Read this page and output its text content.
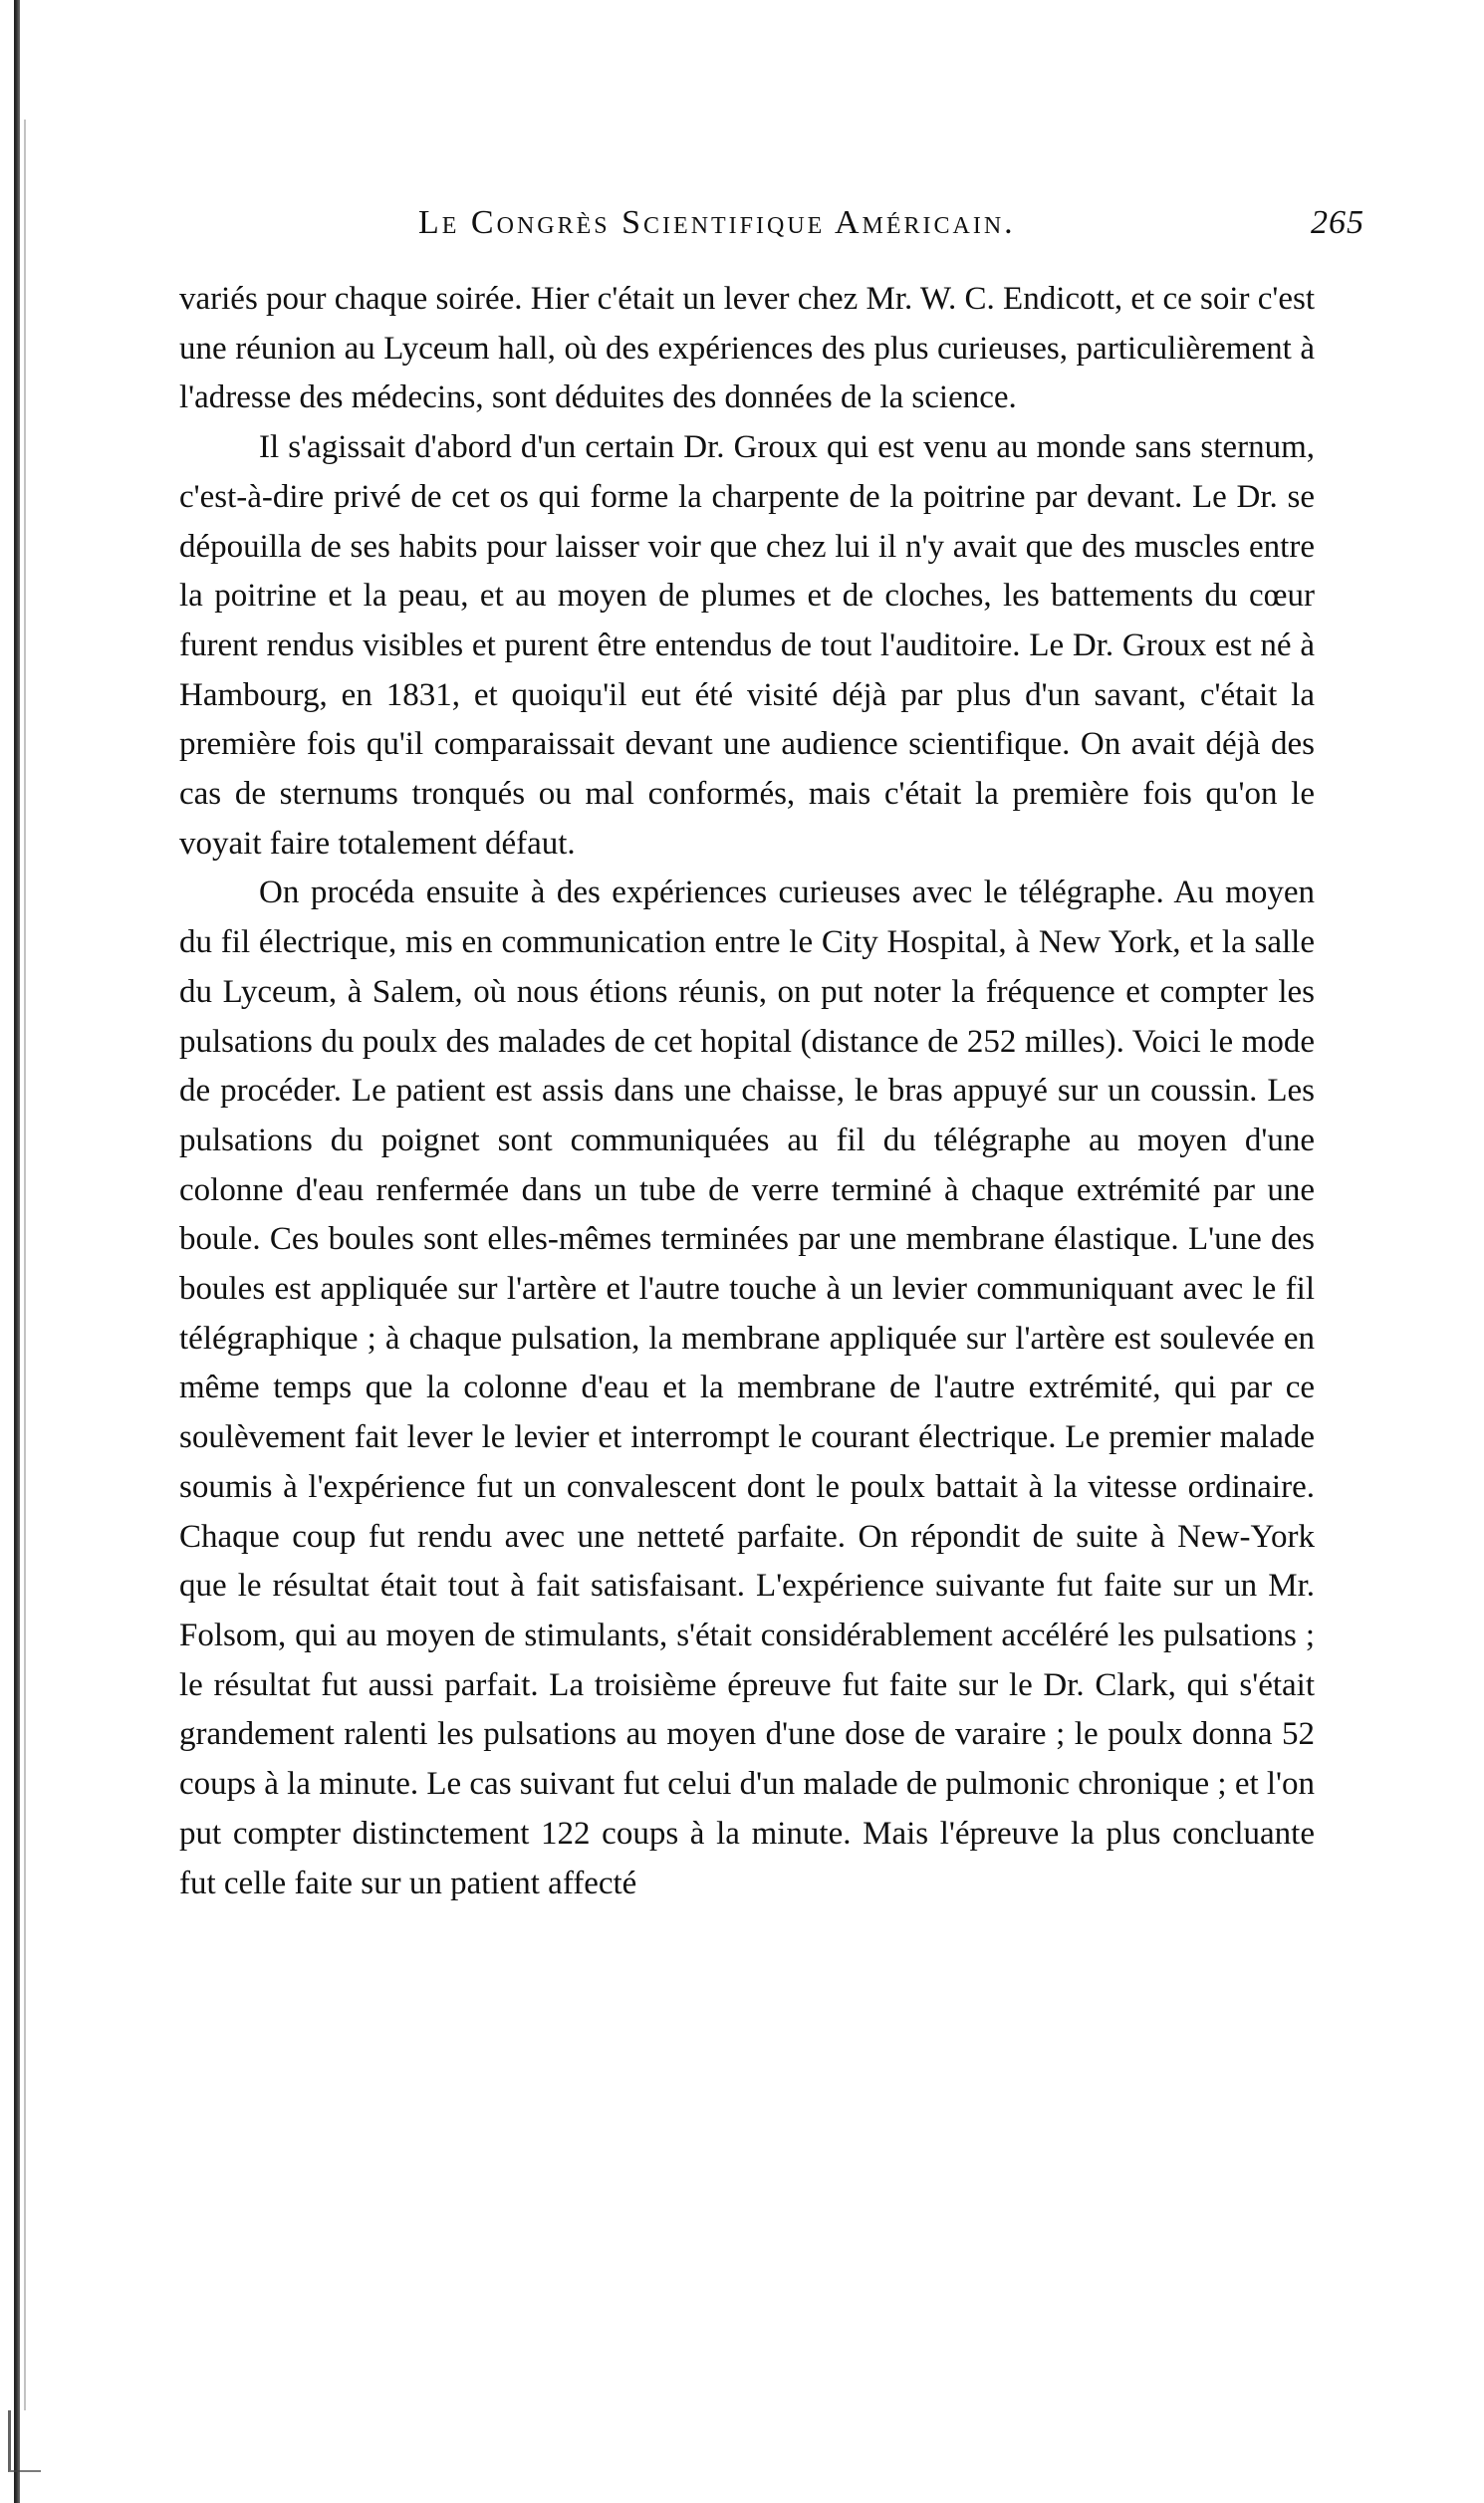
Le Congrès Scientifique Américain.	265

variés pour chaque soirée. Hier c'était un lever chez Mr. W. C. Endicott, et ce soir c'est une réunion au Lyceum hall, où des expériences des plus curieuses, particulièrement à l'adresse des médecins, sont déduites des données de la science.

Il s'agissait d'abord d'un certain Dr. Groux qui est venu au monde sans sternum, c'est-à-dire privé de cet os qui forme la charpente de la poitrine par devant. Le Dr. se dépouilla de ses habits pour laisser voir que chez lui il n'y avait que des muscles entre la poitrine et la peau, et au moyen de plumes et de cloches, les battements du cœur furent rendus visibles et purent être entendus de tout l'auditoire. Le Dr. Groux est né à Hambourg, en 1831, et quoiqu'il eut été visité déjà par plus d'un savant, c'était la première fois qu'il comparaissait devant une audience scientifique. On avait déjà des cas de sternums tronqués ou mal conformés, mais c'était la première fois qu'on le voyait faire totalement défaut.

On procéda ensuite à des expériences curieuses avec le télégraphe. Au moyen du fil électrique, mis en communication entre le City Hospital, à New York, et la salle du Lyceum, à Salem, où nous étions réunis, on put noter la fréquence et compter les pulsations du poulx des malades de cet hopital (distance de 252 milles). Voici le mode de procéder. Le patient est assis dans une chaisse, le bras appuyé sur un coussin. Les pulsations du poignet sont communiquées au fil du télégraphe au moyen d'une colonne d'eau renfermée dans un tube de verre terminé à chaque extrémité par une boule. Ces boules sont elles-mêmes terminées par une membrane élastique. L'une des boules est appliquée sur l'artère et l'autre touche à un levier communiquant avec le fil télégraphique ; à chaque pulsation, la membrane appliquée sur l'artère est soulevée en même temps que la colonne d'eau et la membrane de l'autre extrémité, qui par ce soulèvement fait lever le levier et interrompt le courant électrique. Le premier malade soumis à l'expérience fut un convalescent dont le poulx battait à la vitesse ordinaire. Chaque coup fut rendu avec une netteté parfaite. On répondit de suite à New-York que le résultat était tout à fait satisfaisant. L'expérience suivante fut faite sur un Mr. Folsom, qui au moyen de stimulants, s'était considérablement accéléré les pulsations ; le résultat fut aussi parfait. La troisième épreuve fut faite sur le Dr. Clark, qui s'était grandement ralenti les pulsations au moyen d'une dose de varaire ; le poulx donna 52 coups à la minute. Le cas suivant fut celui d'un malade de pulmonic chronique ; et l'on put compter distinctement 122 coups à la minute. Mais l'épreuve la plus concluante fut celle faite sur un patient affecté
